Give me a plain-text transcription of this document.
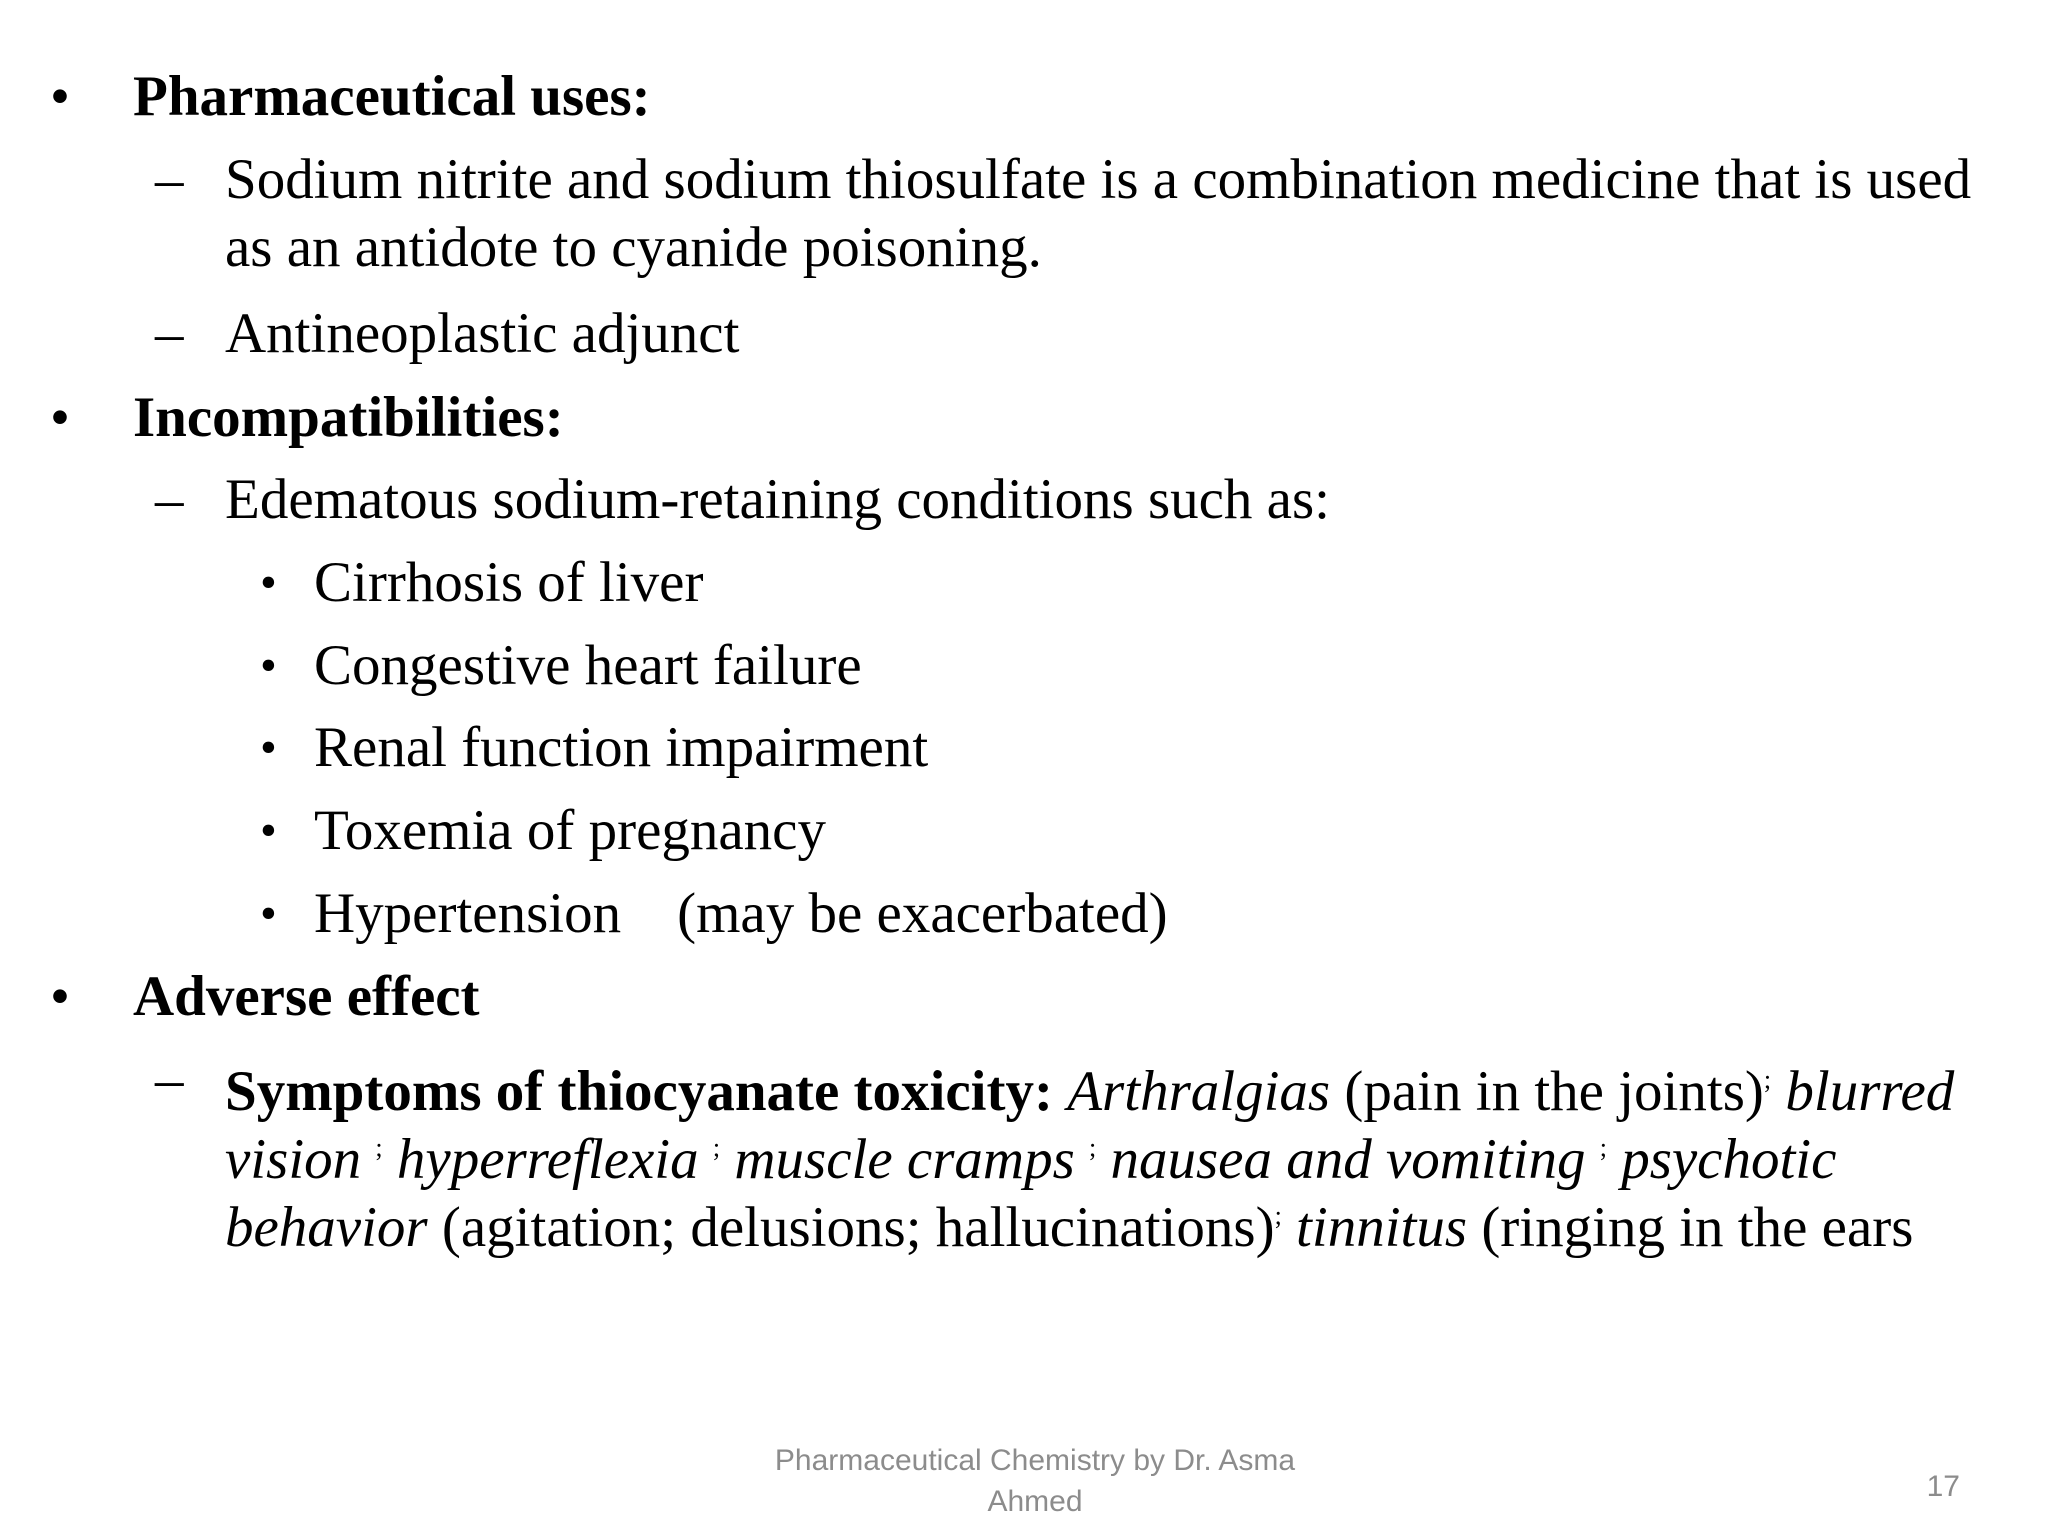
• Pharmaceutical uses:
– Sodium nitrite and sodium thiosulfate is a combination medicine that is used
as an antidote to cyanide poisoning.
– Antineoplastic adjunct
• Incompatibilities:
– Edematous sodium-retaining conditions such as:
• Cirrhosis of liver
• Congestive heart failure
• Renal function impairment
• Toxemia of pregnancy
• Hypertension (may be exacerbated)
• Adverse effect
– Symptoms of thiocyanate toxicity: Arthralgias (pain in the joints); blurred
vision ; hyperreflexia ; muscle cramps ; nausea and vomiting ; psychotic
behavior (agitation; delusions; hallucinations); tinnitus (ringing in the ears
Pharmaceutical Chemistry by Dr. Asma
Ahmed	17
